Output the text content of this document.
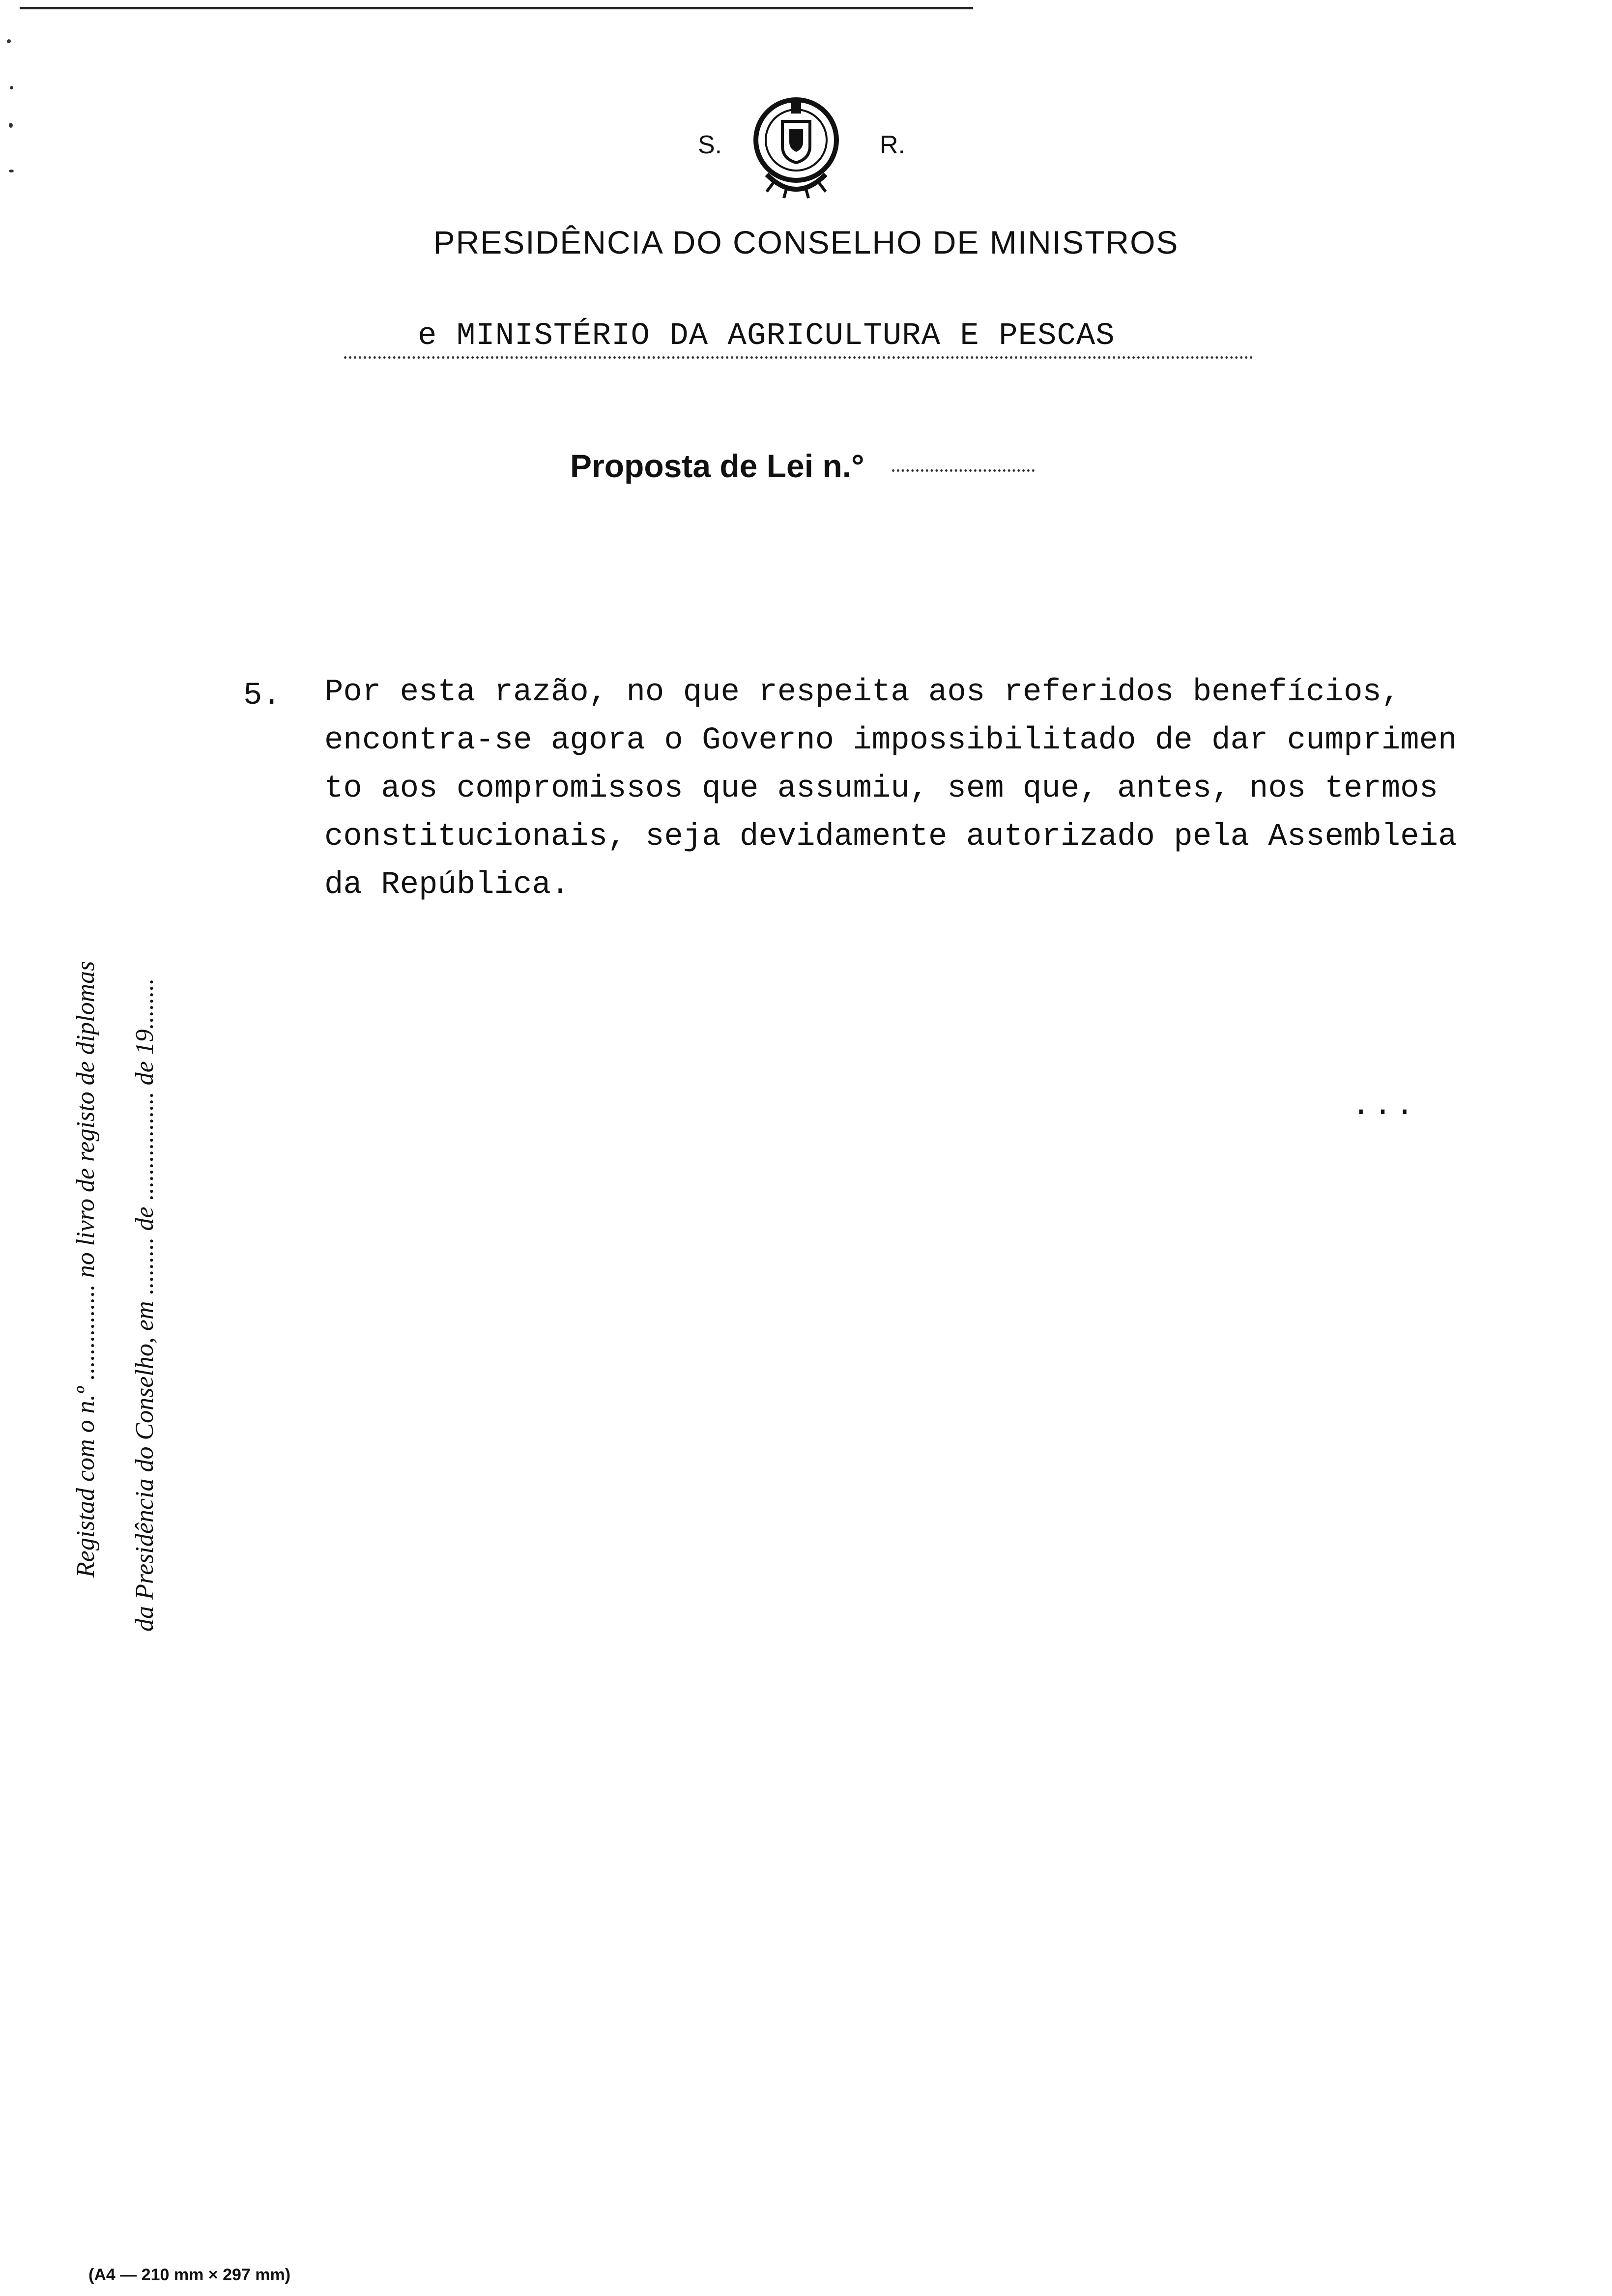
S.	R.
PRESIDÊNCIA DO CONSELHO DE MINISTROS
e MINISTÉRIO DA AGRICULTURA E PESCAS
Proposta de Lei n.°
5. Por esta razão, no que respeita aos referidos benefícios,
encontra-se agora o Governo impossibilitado de dar cumprimen
to aos compromissos que assumiu, sem que, antes, nos termos
constitucionais, seja devidamente autorizado pela Assembleia
da República.
...
Registad com o n.º ............... no livro de registo de diplomas da Presidência do Conselho, em ......... de ................. de 19........
(A4 — 210 mm × 297 mm)
